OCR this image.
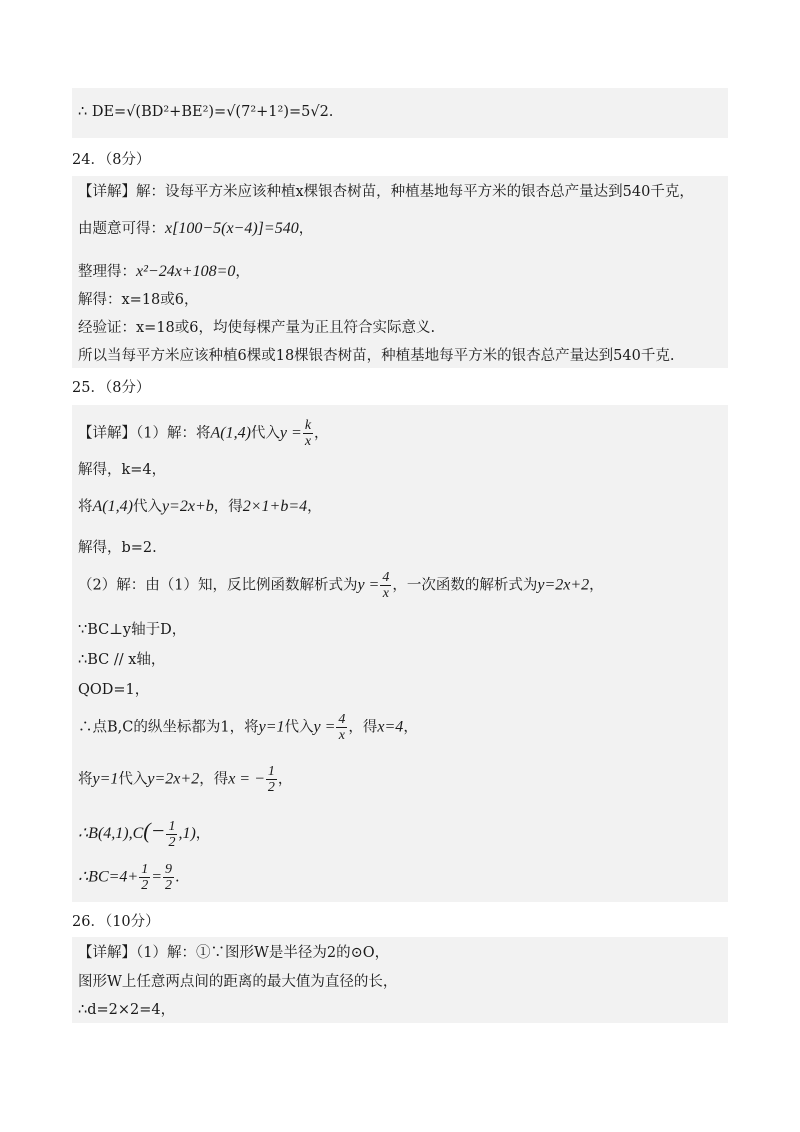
∴ DE=√(BD²+BE²)=√(7²+1²)=5√2.
24．（8分）
【详解】解：设每平方米应该种植x棵银杏树苗，种植基地每平方米的银杏总产量达到540千克，
由题意可得：x[100−5(x−4)]=540，
整理得：x²−24x+108=0，
解得：x=18或6，
经验证：x=18或6，均使每棵产量为正且符合实际意义.
所以当每平方米应该种植6棵或18棵银杏树苗，种植基地每平方米的银杏总产量达到540千克.
25．（8分）
【详解】（1）解：将A(1,4)代入$y = \frac{k}{x}$ ，
解得，k=4，
将A(1,4)代入y=2x+b，得2×1+b=4，
解得，b=2.
（2）解：由（1）知，反比例函数解析式为$y = \frac{4}{x}$ ，一次函数的解析式为y=2x+2，
∵BC⊥y轴于D，
∴BC // x轴，
QOD=1，
∴点B,C的纵坐标都为1，将y=1代入$y = \frac{4}{x}$ ，得x=4，
将y=1代入y=2x+2，得x = − $\frac{1}{2}$ ，
∴B(4,1),C(− $\frac{1}{2} ,1$)，
∴BC=4+ $\frac{1}{2} = \frac{9}{2}$ .
26．（10分）
【详解】（1）解：①∵图形W是半径为2的⊙O，
图形W上任意两点间的距离的最大值为直径的长，
∴d=2×2=4，
